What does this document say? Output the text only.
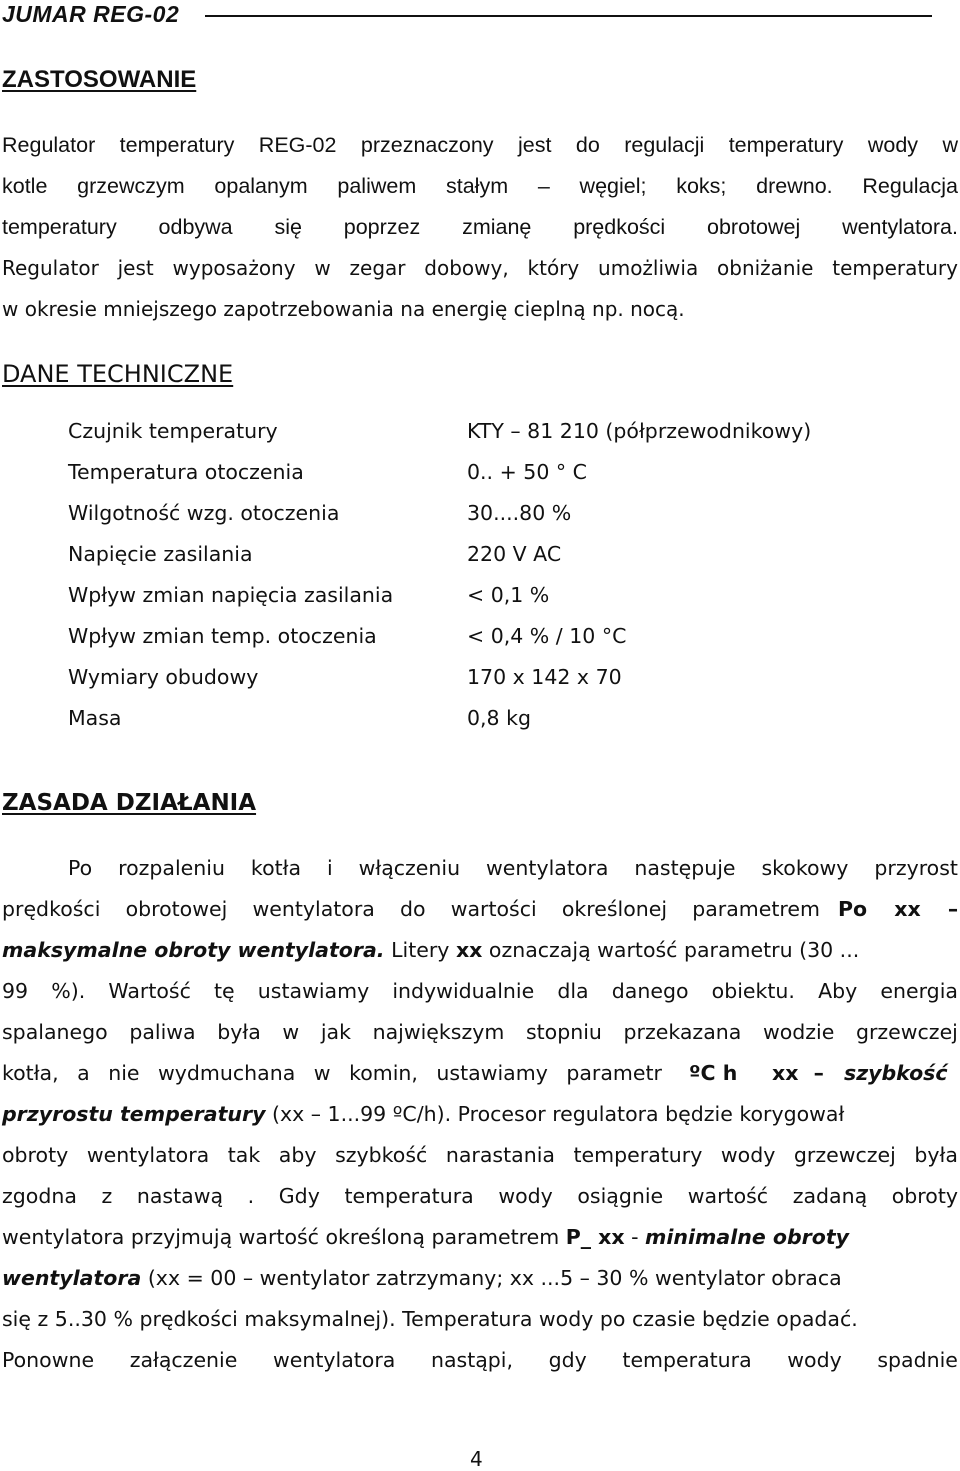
JUMAR REG-02
ZASTOSOWANIE
Regulator temperatury REG-02 przeznaczony jest do regulacji temperatury wody w
kotle grzewczym opalanym paliwem stałym – węgiel; koks; drewno. Regulacja
temperatury odbywa się poprzez zmianę prędkości obrotowej wentylatora.
Regulator jest wyposażony w zegar dobowy, który umożliwia obniżanie temperatury
w okresie mniejszego zapotrzebowania na energię cieplną np. nocą.
DANE TECHNICZNE
Czujnik temperatury	KTY – 81 210 (półprzewodnikowy)
Temperatura otoczenia	0.. + 50 ° C
Wilgotność wzg. otoczenia	30....80 %
Napięcie zasilania	220 V AC
Wpływ zmian napięcia zasilania	< 0,1 %
Wpływ zmian temp. otoczenia	< 0,4 % / 10 °C
Wymiary obudowy	170 x 142 x 70
Masa	0,8 kg
ZASADA DZIAŁANIA
Po rozpaleniu kotła i włączeniu wentylatora następuje skokowy przyrost
prędkości obrotowej wentylatora do wartości określonej parametrem Po xx –
maksymalne obroty wentylatora. Litery xx oznaczają wartość parametru (30 ...
99 %). Wartość tę ustawiamy indywidualnie dla danego obiektu. Aby energia
spalanego paliwa była w jak największym stopniu przekazana wodzie grzewczej
kotła, a nie wydmuchana w komin, ustawiamy parametr ºC h xx – szybkość
przyrostu temperatury (xx – 1...99 ºC/h). Procesor regulatora będzie korygował
obroty wentylatora tak aby szybkość narastania temperatury wody grzewczej była
zgodna z nastawą . Gdy temperatura wody osiągnie wartość zadaną obroty
wentylatora przyjmują wartość określoną parametrem P_ xx - minimalne obroty
wentylatora (xx = 00 – wentylator zatrzymany; xx ...5 – 30 % wentylator obraca
się z 5..30 % prędkości maksymalnej). Temperatura wody po czasie będzie opadać.
Ponowne załączenie wentylatora nastąpi, gdy temperatura wody spadnie
4
